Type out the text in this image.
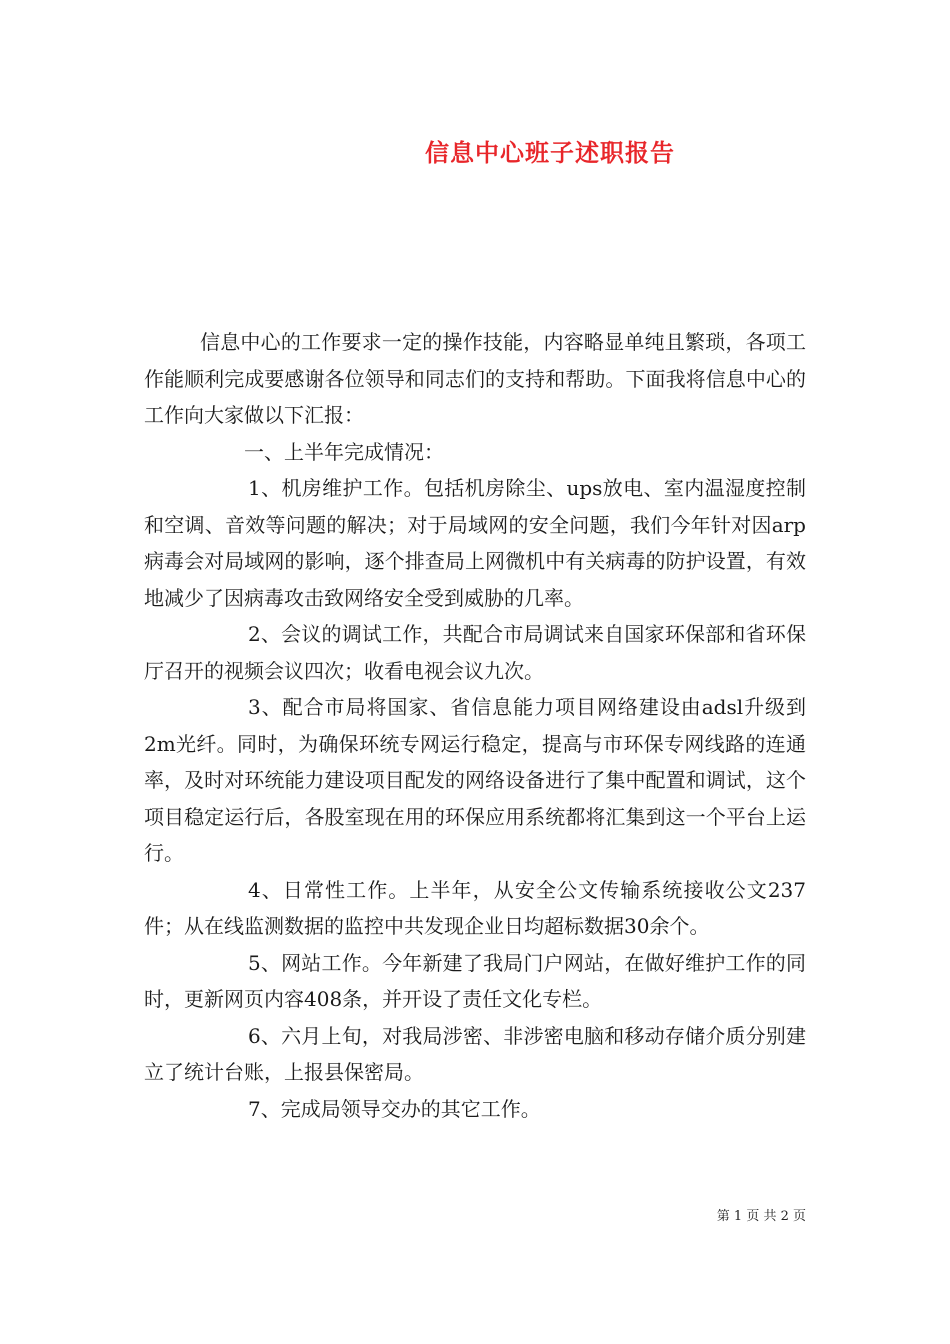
信息中心班子述职报告

信息中心的工作要求一定的操作技能，内容略显单纯且繁琐，各项工作能顺利完成要感谢各位领导和同志们的支持和帮助。下面我将信息中心的工作向大家做以下汇报：

一、上半年完成情况：

1、机房维护工作。包括机房除尘、ups放电、室内温湿度控制和空调、音效等问题的解决；对于局域网的安全问题，我们今年针对因arp病毒会对局域网的影响，逐个排查局上网微机中有关病毒的防护设置，有效地减少了因病毒攻击致网络安全受到威胁的几率。

2、会议的调试工作，共配合市局调试来自国家环保部和省环保厅召开的视频会议四次；收看电视会议九次。

3、配合市局将国家、省信息能力项目网络建设由adsl升级到2m光纤。同时，为确保环统专网运行稳定，提高与市环保专网线路的连通率，及时对环统能力建设项目配发的网络设备进行了集中配置和调试，这个项目稳定运行后，各股室现在用的环保应用系统都将汇集到这一个平台上运行。

4、日常性工作。上半年，从安全公文传输系统接收公文237件；从在线监测数据的监控中共发现企业日均超标数据30余个。

5、网站工作。今年新建了我局门户网站，在做好维护工作的同时，更新网页内容408条，并开设了责任文化专栏。

6、六月上旬，对我局涉密、非涉密电脑和移动存储介质分别建立了统计台账，上报县保密局。

7、完成局领导交办的其它工作。

第 1 页 共 2 页
